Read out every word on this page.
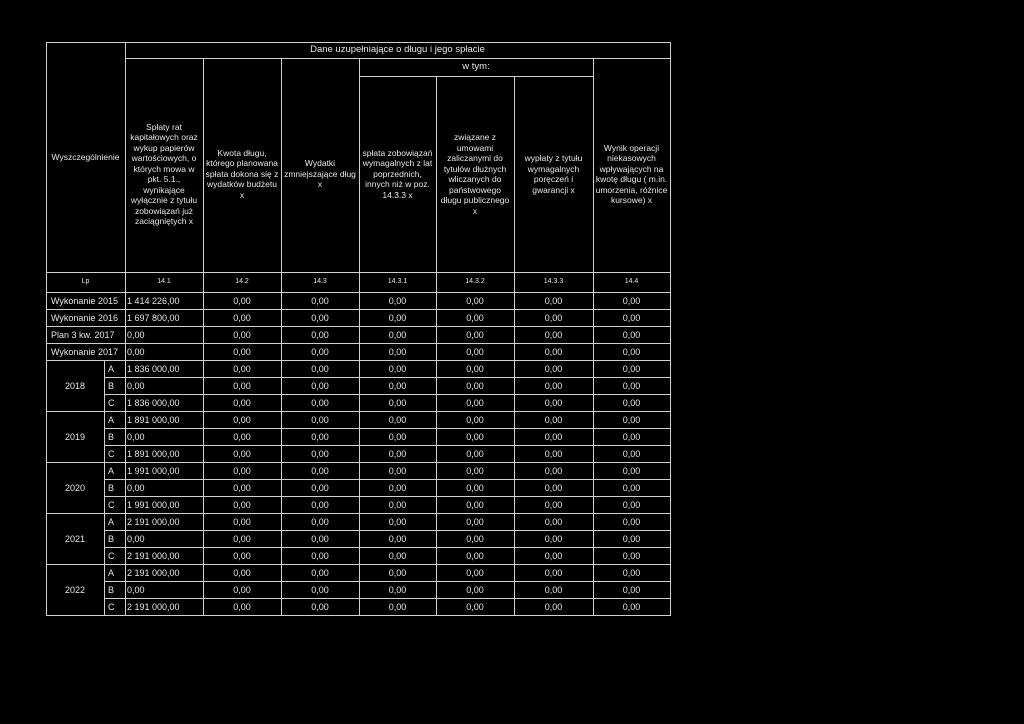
Dane uzupełniające o długu i jego spłacie
w tym:
Wyszczególnienie
Spłaty rat kapitałowych oraz wykup papierów wartościowych, o których mowa w pkt. 5.1., wynikające wyłącznie z tytułu zobowiązań już zaciągniętych x
Kwota długu, którego planowana spłata dokona się z wydatków budżetu x
Wydatki zmniejszające dług x
spłata zobowiązań wymagalnych z lat poprzednich, innych niż w poz. 14.3.3 x
związane z umowami zaliczanymi do tytułów dłużnych wliczanych do państwowego długu publicznego x
wypłaty z tytułu wymagalnych poręczeń i gwarancji x
Wynik operacji niekasowych wpływających na kwotę długu ( m.in. umorzenia, różnice kursowe) x
Lp	14.1	14.2	14.3	14.3.1	14.3.2	14.3.3	14.4
Wykonanie 2015 1 414 226,00	0,00	0,00	0,00	0,00	0,00	0,00
Wykonanie 2016 1 697 800,00	0,00	0,00	0,00	0,00	0,00	0,00
Plan 3 kw. 2017 0,00	0,00	0,00	0,00	0,00	0,00	0,00
Wykonanie 2017 0,00	0,00	0,00	0,00	0,00	0,00	0,00
2018
A 1 836 000,00	0,00	0,00	0,00	0,00	0,00	0,00
B 0,00	0,00	0,00	0,00	0,00	0,00	0,00
C 1 836 000,00	0,00	0,00	0,00	0,00	0,00	0,00
2019
A 1 891 000,00	0,00	0,00	0,00	0,00	0,00	0,00
B 0,00	0,00	0,00	0,00	0,00	0,00	0,00
C 1 891 000,00	0,00	0,00	0,00	0,00	0,00	0,00
2020
A 1 991 000,00	0,00	0,00	0,00	0,00	0,00	0,00
B 0,00	0,00	0,00	0,00	0,00	0,00	0,00
C 1 991 000,00	0,00	0,00	0,00	0,00	0,00	0,00
2021
A 2 191 000,00	0,00	0,00	0,00	0,00	0,00	0,00
B 0,00	0,00	0,00	0,00	0,00	0,00	0,00
C 2 191 000,00	0,00	0,00	0,00	0,00	0,00	0,00
2022
A 2 191 000,00	0,00	0,00	0,00	0,00	0,00	0,00
B 0,00	0,00	0,00	0,00	0,00	0,00	0,00
C 2 191 000,00	0,00	0,00	0,00	0,00	0,00	0,00
